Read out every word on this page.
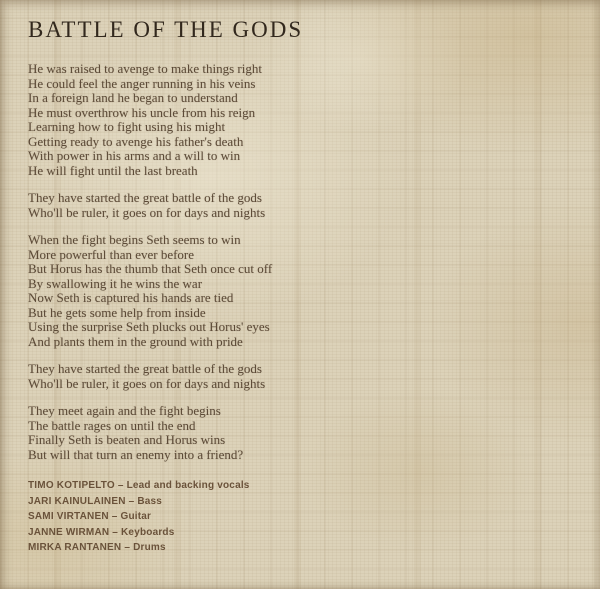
BATTLE OF THE GODS
He was raised to avenge to make things right
He could feel the anger running in his veins
In a foreign land he began to understand
He must overthrow his uncle from his reign
Learning how to fight using his might
Getting ready to avenge his father's death
With power in his arms and a will to win
He will fight until the last breath
They have started the great battle of the gods
Who'll be ruler, it goes on for days and nights
When the fight begins Seth seems to win
More powerful than ever before
But Horus has the thumb that Seth once cut off
By swallowing it he wins the war
Now Seth is captured his hands are tied
But he gets some help from inside
Using the surprise Seth plucks out Horus' eyes
And plants them in the ground with pride
They have started the great battle of the gods
Who'll be ruler, it goes on for days and nights
They meet again and the fight begins
The battle rages on until the end
Finally Seth is beaten and Horus wins
But will that turn an enemy into a friend?
TIMO KOTIPELTO – Lead and backing vocals
JARI KAINULAINEN – Bass
SAMI VIRTANEN – Guitar
JANNE WIRMAN – Keyboards
MIRKA RANTANEN – Drums
